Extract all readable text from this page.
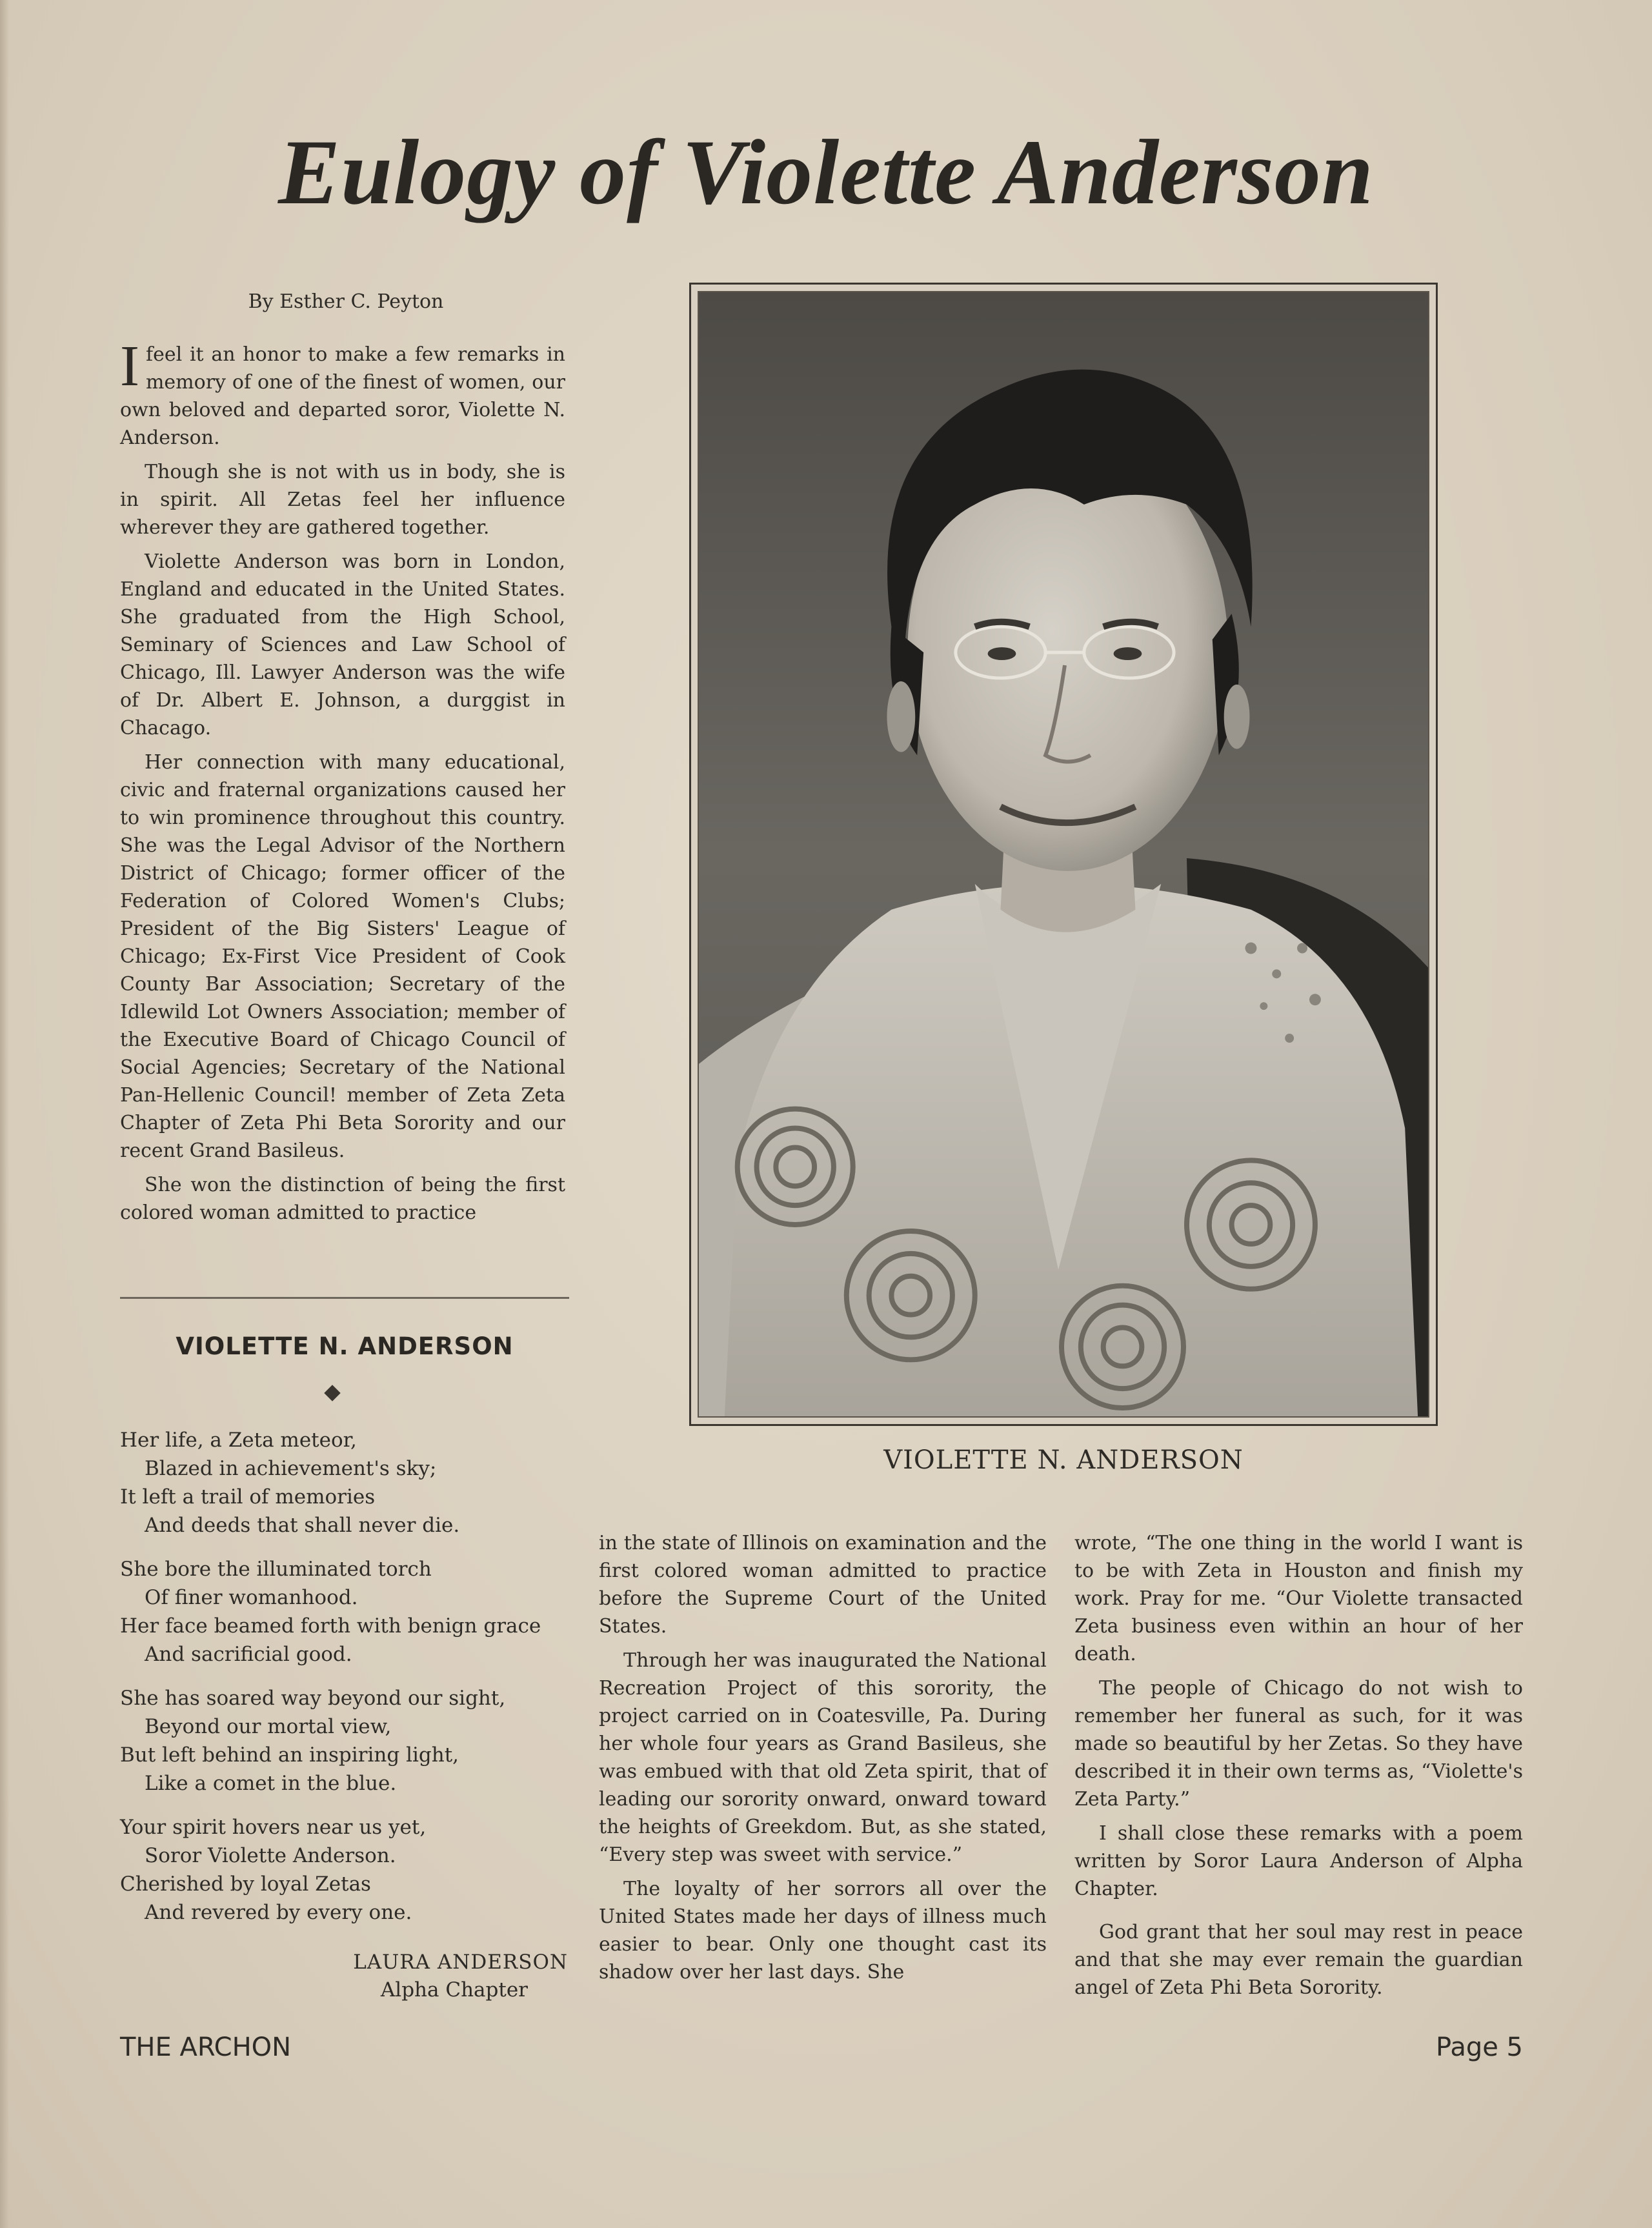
Eulogy of Violette Anderson
By Esther C. Peyton

I feel it an honor to make a few remarks in memory of one of the finest of women, our own beloved and departed soror, Violette N. Anderson.

Though she is not with us in body, she is in spirit. All Zetas feel her influence wherever they are gathered together.

Violette Anderson was born in London, England and educated in the United States. She graduated from the High School, Seminary of Sciences and Law School of Chicago, Ill. Lawyer Anderson was the wife of Dr. Albert E. Johnson, a durggist in Chacago.

Her connection with many educational, civic and fraternal organizations caused her to win prominence throughout this country. She was the Legal Advisor of the Northern District of Chicago; former officer of the Federation of Colored Women's Clubs; President of the Big Sisters' League of Chicago; Ex-First Vice President of Cook County Bar Association; Secretary of the Idlewild Lot Owners Association; member of the Executive Board of Chicago Council of Social Agencies; Secretary of the National Pan-Hellenic Council! member of Zeta Zeta Chapter of Zeta Phi Beta Sorority and our recent Grand Basileus.

She won the distinction of being the first colored woman admitted to practice

VIOLETTE N. ANDERSON
Her life, a Zeta meteor,
Blazed in achievement's sky;
It left a trail of memories
And deeds that shall never die.
She bore the illuminated torch
Of finer womanhood.
Her face beamed forth with benign grace
And sacrificial good.
She has soared way beyond our sight,
Beyond our mortal view,
But left behind an inspiring light,
Like a comet in the blue.
Your spirit hovers near us yet,
Soror Violette Anderson.
Cherished by loyal Zetas
And revered by every one.
LAURA ANDERSON
Alpha Chapter
VIOLETTE N. ANDERSON

in the state of Illinois on examination and the first colored woman admitted to practice before the Supreme Court of the United States.

Through her was inaugurated the National Recreation Project of this sorority, the project carried on in Coatesville, Pa. During her whole four years as Grand Basileus, she was embued with that old Zeta spirit, that of leading our sorority onward, onward toward the heights of Greekdom. But, as she stated, “Every step was sweet with service.”

The loyalty of her sorrors all over the United States made her days of illness much easier to bear. Only one thought cast its shadow over her last days. She

wrote, “The one thing in the world I want is to be with Zeta in Houston and finish my work. Pray for me. “Our Violette transacted Zeta business even within an hour of her death.

The people of Chicago do not wish to remember her funeral as such, for it was made so beautiful by her Zetas. So they have described it in their own terms as, “Violette's Zeta Party.”

I shall close these remarks with a poem written by Soror Laura Anderson of Alpha Chapter.

God grant that her soul may rest in peace and that she may ever remain the guardian angel of Zeta Phi Beta Sorority.

THE ARCHON	Page 5
